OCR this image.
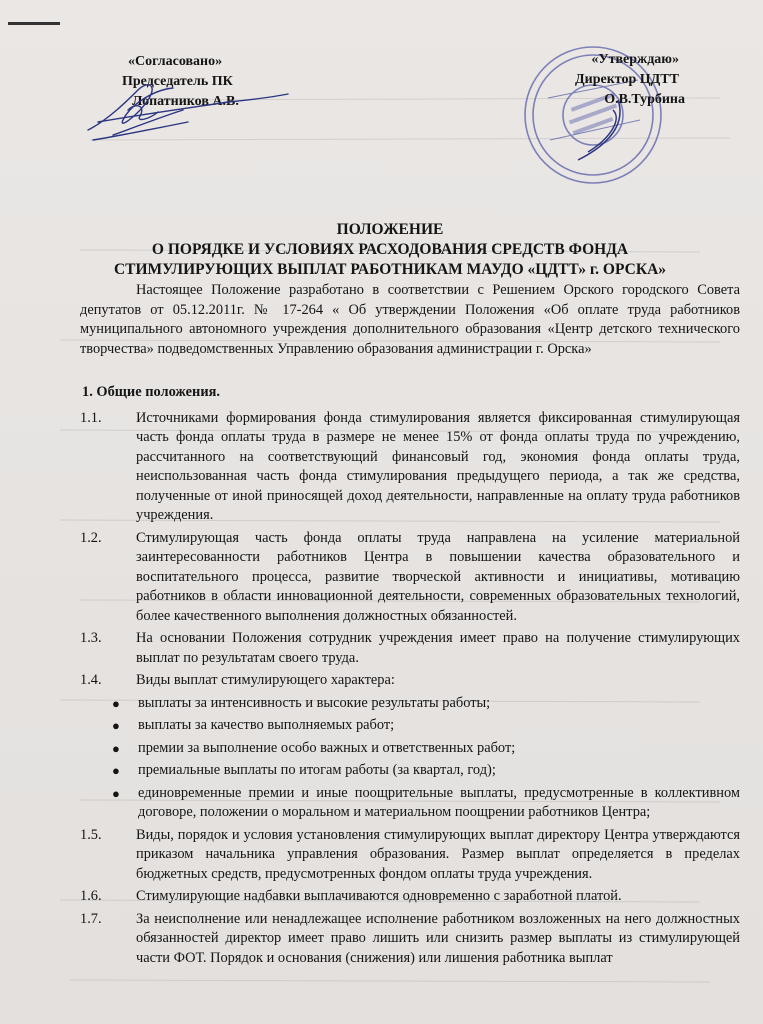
«Согласовано»
Председатель ПК
Лопатников А.В.
«Утверждаю»
Директор ЦДТТ
О.В.Турбина
ПОЛОЖЕНИЕ
О ПОРЯДКЕ И УСЛОВИЯХ РАСХОДОВАНИЯ СРЕДСТВ ФОНДА
СТИМУЛИРУЮЩИХ ВЫПЛАТ РАБОТНИКАМ МАУДО «ЦДТТ» г. ОРСКА»

Настоящее Положение разработано в соответствии с Решением Орского городского Совета депутатов от 05.12.2011г. № 17-264 « Об утверждении Положения «Об оплате труда работников муниципального автономного учреждения дополнительного образования «Центр детского технического творчества» подведомственных Управлению образования администрации г. Орска»

1. Общие положения.
1.1.	Источниками формирования фонда стимулирования является фиксированная стимулирующая часть фонда оплаты труда в размере не менее 15% от фонда оплаты труда по учреждению, рассчитанного на соответствующий финансовый год, экономия фонда оплаты труда, неиспользованная часть фонда стимулирования предыдущего периода, а так же средства, полученные от иной приносящей доход деятельности, направленные на оплату труда работников учреждения.
1.2.	Стимулирующая часть фонда оплаты труда направлена на усиление материальной заинтересованности работников Центра в повышении качества образовательного и воспитательного процесса, развитие творческой активности и инициативы, мотивацию работников в области инновационной деятельности, современных образовательных технологий, более качественного выполнения должностных обязанностей.
1.3.	На основании Положения сотрудник учреждения имеет право на получение стимулирующих выплат по результатам своего труда.
1.4.	Виды выплат стимулирующего характера:
●	выплаты за интенсивность и высокие результаты работы;
●	выплаты за качество выполняемых работ;
●	премии за выполнение особо важных и ответственных работ;
●	премиальные выплаты по итогам работы (за квартал, год);
●	единовременные премии и иные поощрительные выплаты, предусмотренные в коллективном договоре, положении о моральном и материальном поощрении работников Центра;
1.5.	Виды, порядок и условия установления стимулирующих выплат директору Центра утверждаются приказом начальника управления образования. Размер выплат определяется в пределах бюджетных средств, предусмотренных фондом оплаты труда учреждения.
1.6.	Стимулирующие надбавки выплачиваются одновременно с заработной платой.
1.7.	За неисполнение или ненадлежащее исполнение работником возложенных на него должностных обязанностей директор имеет право лишить или снизить размер выплаты из стимулирующей части ФОТ. Порядок и основания (снижения) или лишения работника выплат
